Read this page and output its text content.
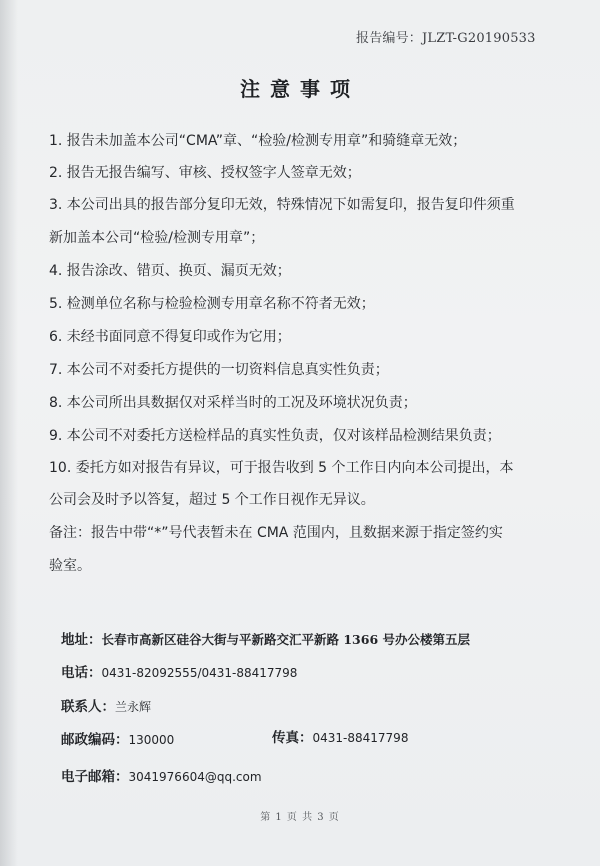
报告编号：JLZT-G20190533
注意事项
1. 报告未加盖本公司“CMA”章、“检验/检测专用章”和骑缝章无效；
2. 报告无报告编写、审核、授权签字人签章无效；
3. 本公司出具的报告部分复印无效，特殊情况下如需复印，报告复印件须重
新加盖本公司“检验/检测专用章”；
4. 报告涂改、错页、换页、漏页无效；
5. 检测单位名称与检验检测专用章名称不符者无效；
6. 未经书面同意不得复印或作为它用；
7. 本公司不对委托方提供的一切资料信息真实性负责；
8. 本公司所出具数据仅对采样当时的工况及环境状况负责；
9. 本公司不对委托方送检样品的真实性负责，仅对该样品检测结果负责；
10. 委托方如对报告有异议，可于报告收到 5 个工作日内向本公司提出，本
公司会及时予以答复，超过 5 个工作日视作无异议。
备注：报告中带“*”号代表暂未在 CMA 范围内，且数据来源于指定签约实
验室。
地址：长春市高新区硅谷大街与平新路交汇平新路 1366 号办公楼第五层
电话：0431-82092555/0431-88417798
联系人：兰永辉
邮政编码：130000	传真：0431-88417798
电子邮箱：3041976604@qq.com
第 1 页 共 3 页
